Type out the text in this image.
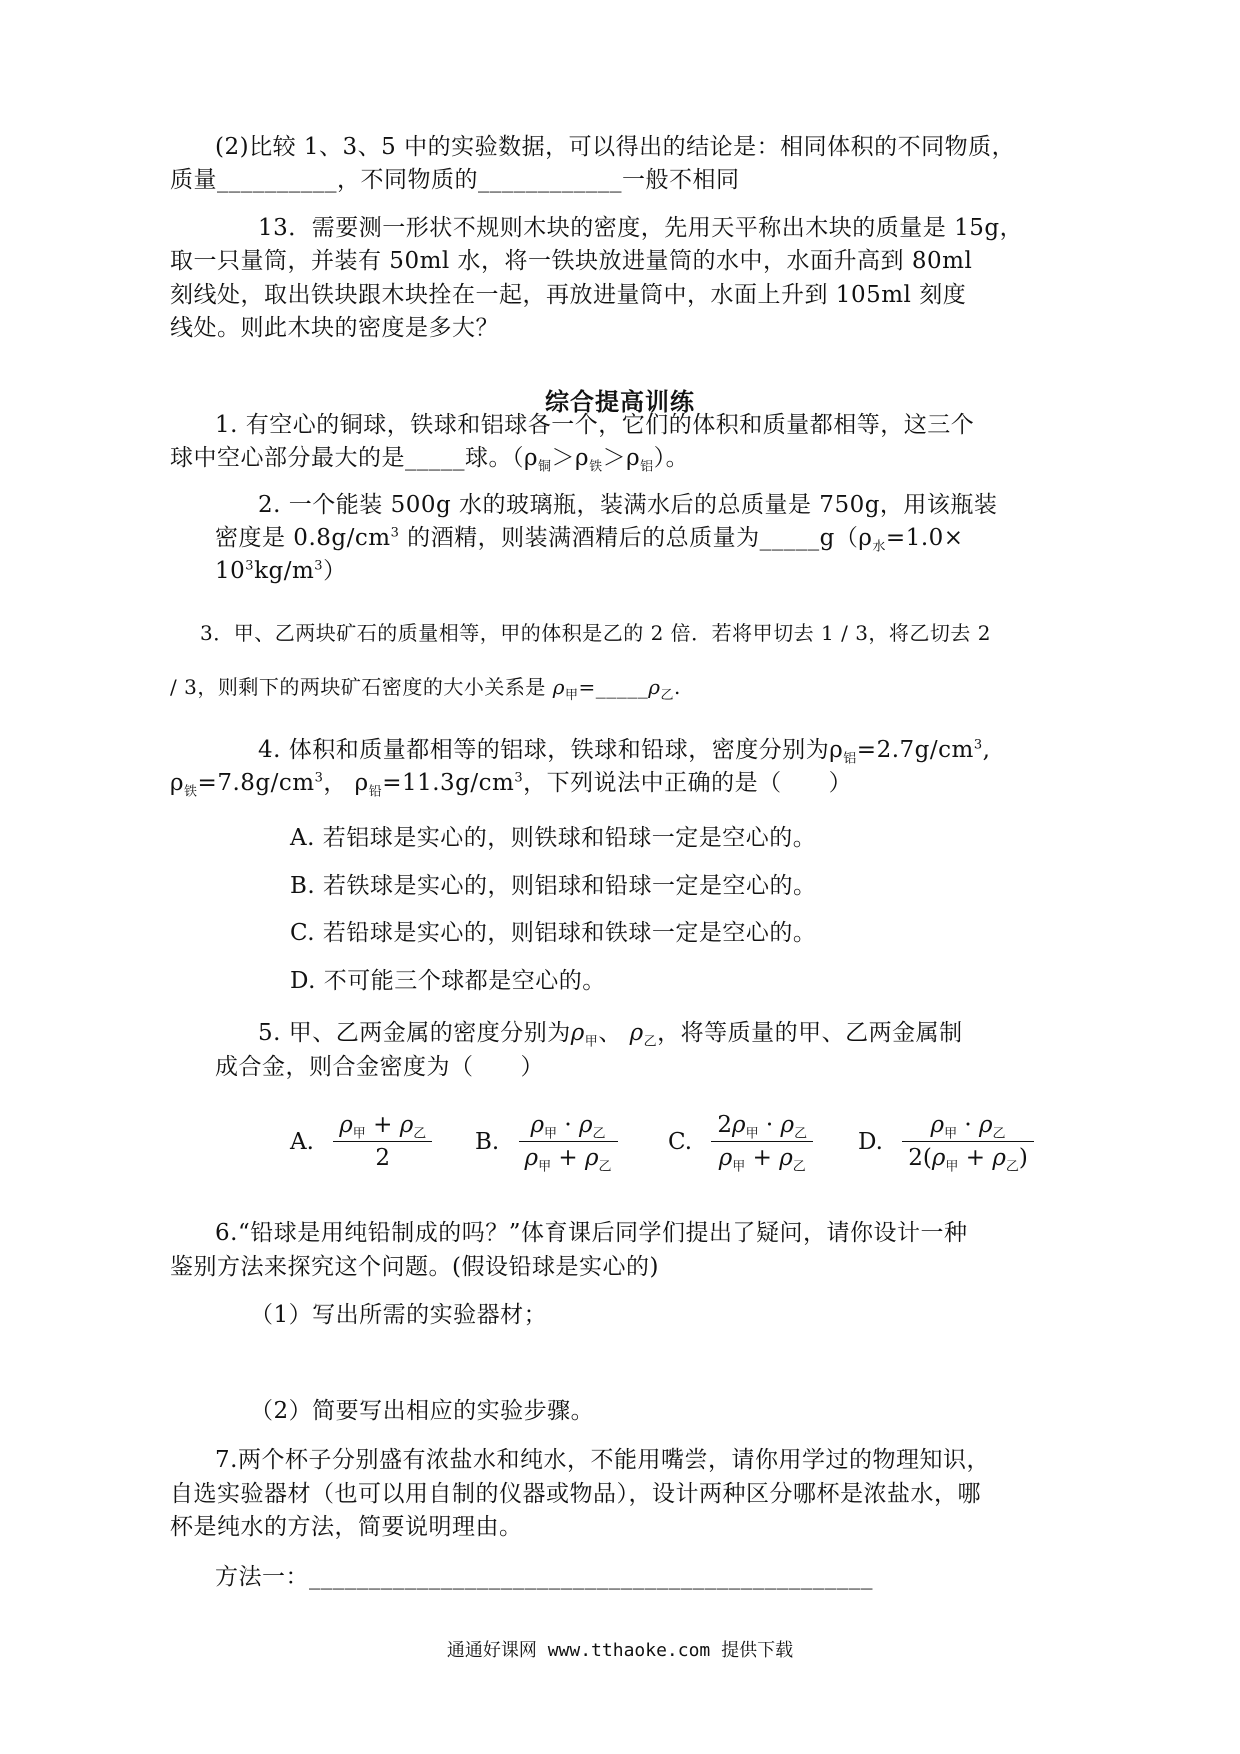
(2)比较 1、3、5 中的实验数据，可以得出的结论是：相同体积的不同物质，
质量__________，不同物质的____________一般不相同
13．需要测一形状不规则木块的密度，先用天平称出木块的质量是 15g，
取一只量筒，并装有 50ml 水，将一铁块放进量筒的水中，水面升高到 80ml
刻线处，取出铁块跟木块拴在一起，再放进量筒中，水面上升到 105ml 刻度
线处。则此木块的密度是多大？
综合提高训练
1. 有空心的铜球，铁球和铝球各一个，它们的体积和质量都相等，这三个
球中空心部分最大的是_____球。$(\rho_铜>\rho_铁>\rho_铝)$。
2. 一个能装 500g 水的玻璃瓶，装满水后的总质量是 750g，用该瓶装
密度是 $0.8g/cm^3$ 的酒精，则装满酒精后的总质量为$\_\_\_\_\_g(\rho_水=1.0\times$
$10^3kg/m^3$）
3．甲、乙两块矿石的质量相等，甲的体积是乙的 2 倍．若将甲切去 1 / 3，将乙切去 2
/ 3，则剩下的两块矿石密度的大小关系是 $\rho_甲=\_\_\_\_\_\rho_乙$.
4. 体积和质量都相等的铝球，铁球和铅球，密度分别为$\rho_铝=2.7g/cm^3$,
$\rho_铁=7.8g/cm^3$， $\rho_铅=11.3g/cm^3$，下列说法中正确的是（　　）
A. 若铝球是实心的，则铁球和铅球一定是空心的。
B. 若铁球是实心的，则铝球和铅球一定是空心的。
C. 若铅球是实心的，则铝球和铁球一定是空心的。
D. 不可能三个球都是空心的。
5. 甲、乙两金属的密度分别为$\rho_甲$、 $\rho_乙$，将等质量的甲、乙两金属制
成合金，则合金密度为（　　）
A. $\frac{\rho_甲 + \rho_乙}{2} B$. $\frac{\rho_甲 \cdot \rho_乙}{\rho_甲 + \rho_乙} C$. $\frac{2\rho_甲 \cdot \rho_乙}{\rho_甲 + \rho_乙} D$. $\frac{\rho_甲 \cdot \rho_乙}{2(\rho_甲 + \rho_乙)}$
6.“铅球是用纯铅制成的吗？”体育课后同学们提出了疑问，请你设计一种
鉴别方法来探究这个问题。(假设铅球是实心的)
（1）写出所需的实验器材；
（2）简要写出相应的实验步骤。
7.两个杯子分别盛有浓盐水和纯水，不能用嘴尝，请你用学过的物理知识，
自选实验器材（也可以用自制的仪器或物品），设计两种区分哪杯是浓盐水，哪
杯是纯水的方法，简要说明理由。
方法一：_______________________________________________
通通好课网 www.tthaoke.com 提供下载
